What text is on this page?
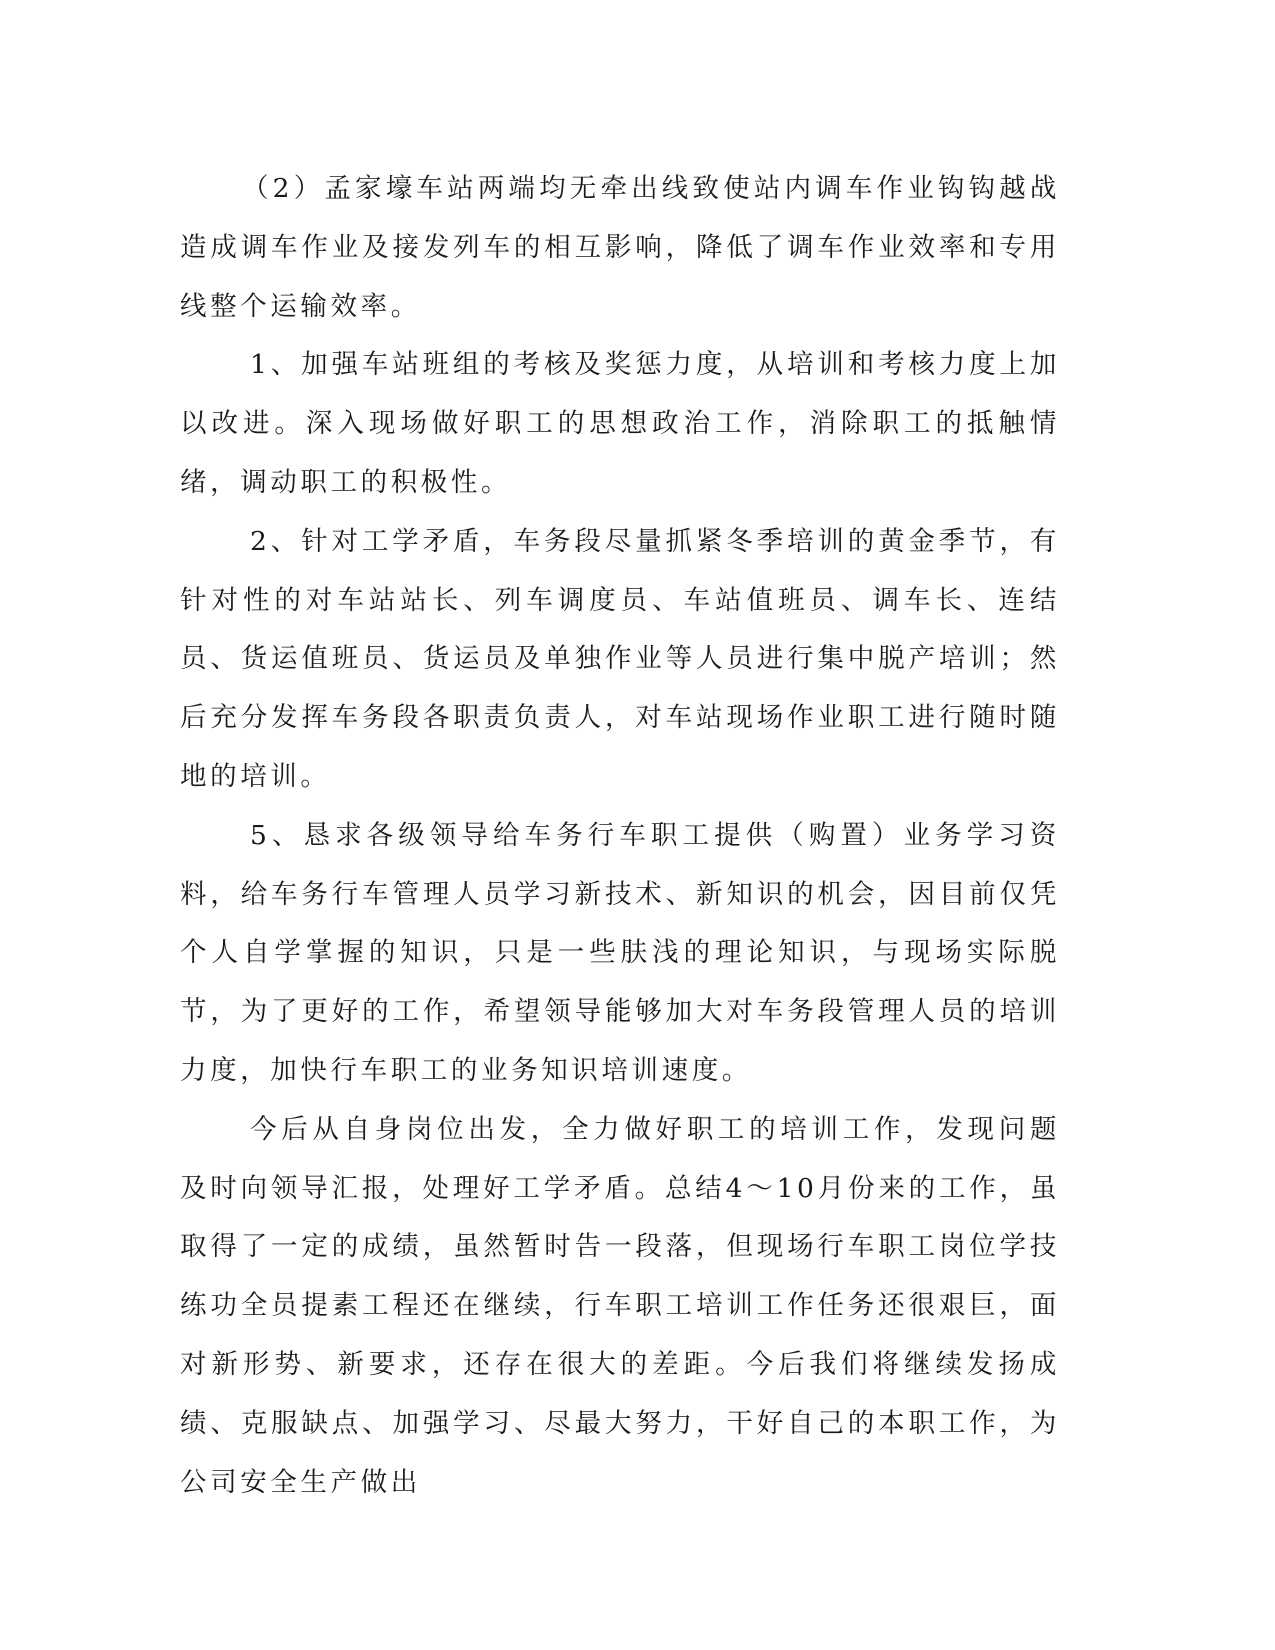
（2）孟家壕车站两端均无牵出线致使站内调车作业钩钩越战造成调车作业及接发列车的相互影响，降低了调车作业效率和专用线整个运输效率。

1、加强车站班组的考核及奖惩力度，从培训和考核力度上加以改进。深入现场做好职工的思想政治工作，消除职工的抵触情绪，调动职工的积极性。

2、针对工学矛盾，车务段尽量抓紧冬季培训的黄金季节，有针对性的对车站站长、列车调度员、车站值班员、调车长、连结员、货运值班员、货运员及单独作业等人员进行集中脱产培训；然后充分发挥车务段各职责负责人，对车站现场作业职工进行随时随地的培训。

5、恳求各级领导给车务行车职工提供（购置）业务学习资料，给车务行车管理人员学习新技术、新知识的机会，因目前仅凭个人自学掌握的知识，只是一些肤浅的理论知识，与现场实际脱节，为了更好的工作，希望领导能够加大对车务段管理人员的培训力度，加快行车职工的业务知识培训速度。

今后从自身岗位出发，全力做好职工的培训工作，发现问题及时向领导汇报，处理好工学矛盾。总结4～10月份来的工作，虽取得了一定的成绩，虽然暂时告一段落，但现场行车职工岗位学技练功全员提素工程还在继续，行车职工培训工作任务还很艰巨，面对新形势、新要求，还存在很大的差距。今后我们将继续发扬成绩、克服缺点、加强学习、尽最大努力，干好自己的本职工作，为公司安全生产做出
